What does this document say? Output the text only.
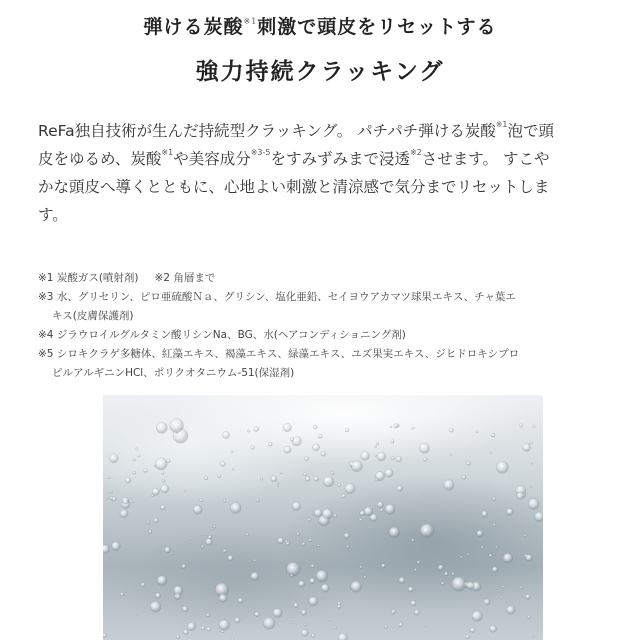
弾ける炭酸$^{※1}$刺激で頭皮をリセットする
強力持続クラッキング

ReFa独自技術が生んだ持続型クラッキング。 パチパチ弾ける炭酸$^{※1}$泡で頭

皮をゆるめ、炭酸$^{※1}$や美容成分$^{※3-5}$をすみずみまで浸透$^{※2}$させます。 すこや

かな頭皮へ導くとともに、心地よい刺激と清涼感で気分までリセットしま

す。

※1 炭酸ガス(噴射剤) ※2 角層まで

※3 水、グリセリン、ピロ亜硫酸Ｎａ、グリシン、塩化亜鉛、セイヨウアカマツ球果エキス、チャ葉エ

キス(皮膚保護剤)

※4 ジラウロイルグルタミン酸リシンNa、BG、水(ヘアコンディショニング剤)

※5 シロキクラゲ多糖体、紅藻エキス、褐藻エキス、緑藻エキス、ユズ果実エキス、ジヒドロキシプロ

ピルアルギニンHCl、ポリクオタニウム-51(保湿剤)
